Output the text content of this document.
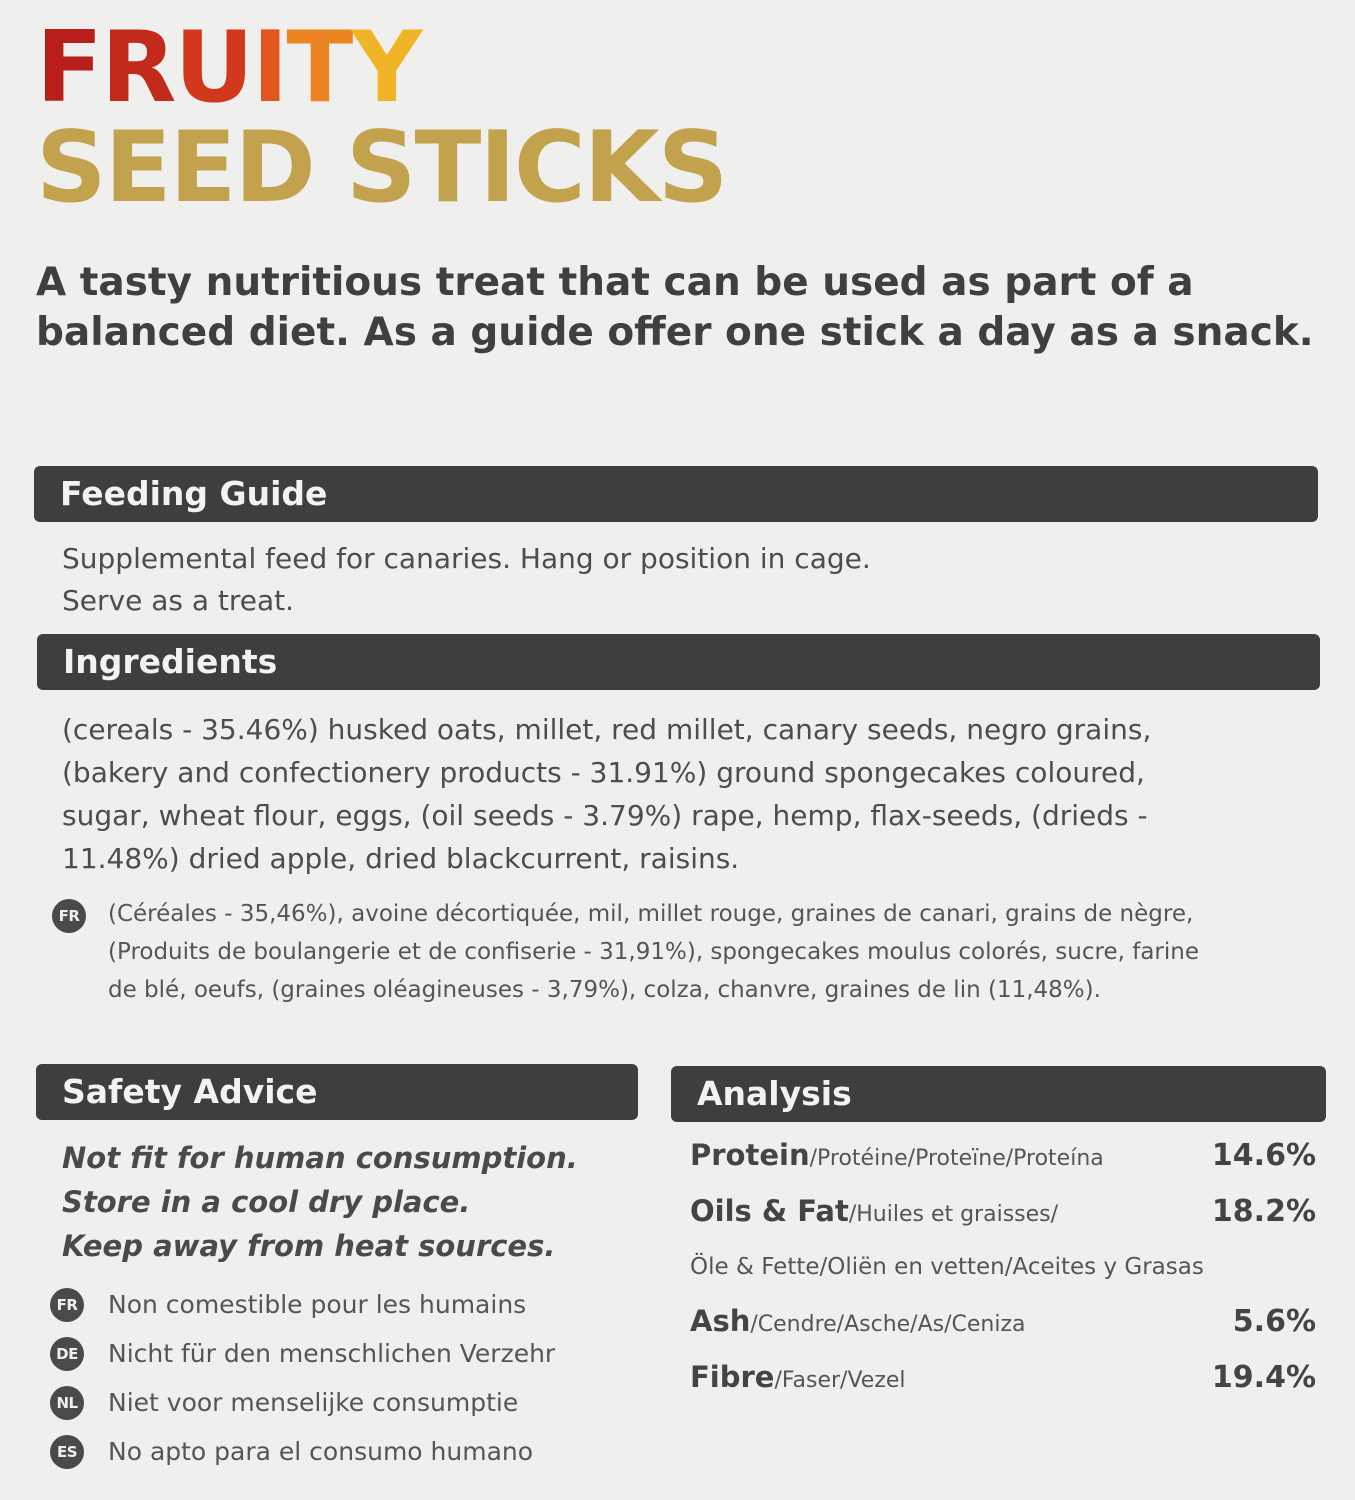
FRUITY
SEED STICKS
A tasty nutritious treat that can be used as part of a
balanced diet. As a guide offer one stick a day as a snack.
Feeding Guide
Supplemental feed for canaries. Hang or position in cage.
Serve as a treat.
Ingredients
(cereals - 35.46%) husked oats, millet, red millet, canary seeds, negro grains,
(bakery and confectionery products - 31.91%) ground spongecakes coloured,
sugar, wheat flour, eggs, (oil seeds - 3.79%) rape, hemp, flax-seeds, (drieds -
11.48%) dried apple, dried blackcurrent, raisins.
FR (Céréales - 35,46%), avoine décortiquée, mil, millet rouge, graines de canari, grains de nègre,
(Produits de boulangerie et de confiserie - 31,91%), spongecakes moulus colorés, sucre, farine
de blé, oeufs, (graines oléagineuses - 3,79%), colza, chanvre, graines de lin (11,48%).
Safety Advice
Not fit for human consumption.
Store in a cool dry place.
Keep away from heat sources.
FR Non comestible pour les humains
DE Nicht für den menschlichen Verzehr
NL Niet voor menselijke consumptie
ES No apto para el consumo humano
Analysis
Protein/Protéine/Proteïne/Proteína	14.6%
Oils & Fat/Huiles et graisses/	18.2%
Öle & Fette/Oliën en vetten/Aceites y Grasas
Ash/Cendre/Asche/As/Ceniza	5.6%
Fibre/Faser/Vezel	19.4%
